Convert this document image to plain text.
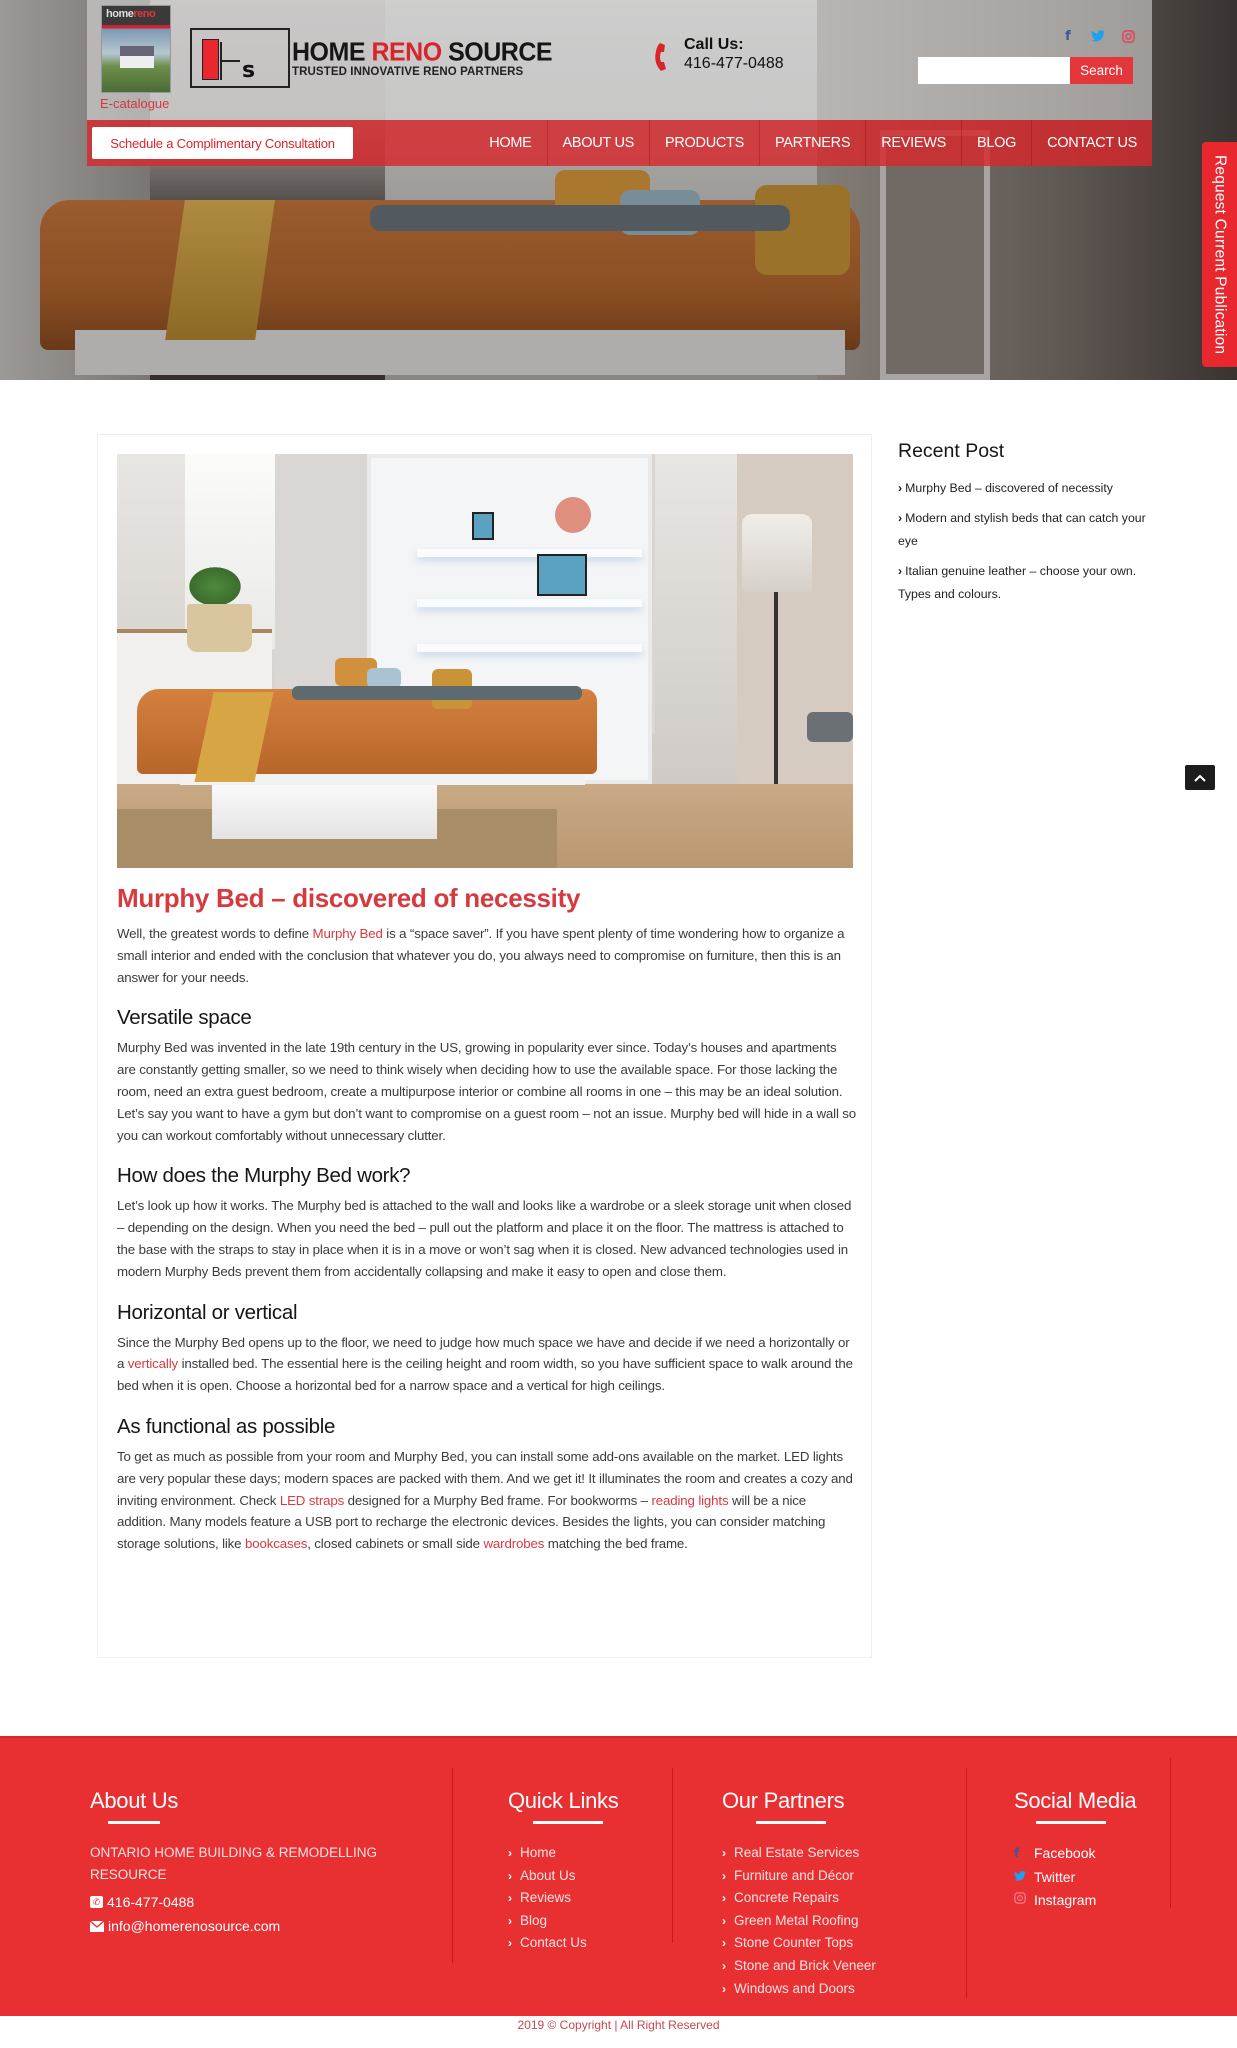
homereno
E-catalogue
s
HOME RENO SOURCE
TRUSTED INNOVATIVE RENO PARTNERS
Call Us:
416-477-0488
f
Search
Schedule a Complimentary Consultation	HOME	ABOUT US	PRODUCTS	PARTNERS	REVIEWS	BLOG	CONTACT US
Request Current Publication
Murphy Bed – discovered of necessity

Well, the greatest words to define Murphy Bed is a “space saver”. If you have spent plenty of time wondering how to organize a small interior and ended with the conclusion that whatever you do, you always need to compromise on furniture, then this is an answer for your needs.

Versatile space

Murphy Bed was invented in the late 19th century in the US, growing in popularity ever since. Today’s houses and apartments are constantly getting smaller, so we need to think wisely when deciding how to use the available space. For those lacking the room, need an extra guest bedroom, create a multipurpose interior or combine all rooms in one – this may be an ideal solution. Let’s say you want to have a gym but don’t want to compromise on a guest room – not an issue. Murphy bed will hide in a wall so you can workout comfortably without unnecessary clutter.

How does the Murphy Bed work?

Let’s look up how it works. The Murphy bed is attached to the wall and looks like a wardrobe or a sleek storage unit when closed – depending on the design. When you need the bed – pull out the platform and place it on the floor. The mattress is attached to the base with the straps to stay in place when it is in a move or won’t sag when it is closed. New advanced technologies used in modern Murphy Beds prevent them from accidentally collapsing and make it easy to open and close them.

Horizontal or vertical

Since the Murphy Bed opens up to the floor, we need to judge how much space we have and decide if we need a horizontally or a vertically installed bed. The essential here is the ceiling height and room width, so you have sufficient space to walk around the bed when it is open. Choose a horizontal bed for a narrow space and a vertical for high ceilings.

As functional as possible

To get as much as possible from your room and Murphy Bed, you can install some add-ons available on the market. LED lights are very popular these days; modern spaces are packed with them. And we get it! It illuminates the room and creates a cozy and inviting environment. Check LED straps designed for a Murphy Bed frame. For bookworms – reading lights will be a nice addition. Many models feature a USB port to recharge the electronic devices. Besides the lights, you can consider matching storage solutions, like bookcases, closed cabinets or small side wardrobes matching the bed frame.

Recent Post
› Murphy Bed – discovered of necessity
› Modern and stylish beds that can catch your eye
› Italian genuine leather – choose your own. Types and colours.
About Us
ONTARIO HOME BUILDING & REMODELLING RESOURCE
✆ 416-477-0488
info@homerenosource.com
Quick Links
› Home
› About Us
› Reviews
› Blog
› Contact Us
Our Partners
› Real Estate Services
› Furniture and Décor
› Concrete Repairs
› Green Metal Roofing
› Stone Counter Tops
› Stone and Brick Veneer
› Windows and Doors
Social Media
f	Facebook
Twitter
Instagram
2019 © Copyright | All Right Reserved
